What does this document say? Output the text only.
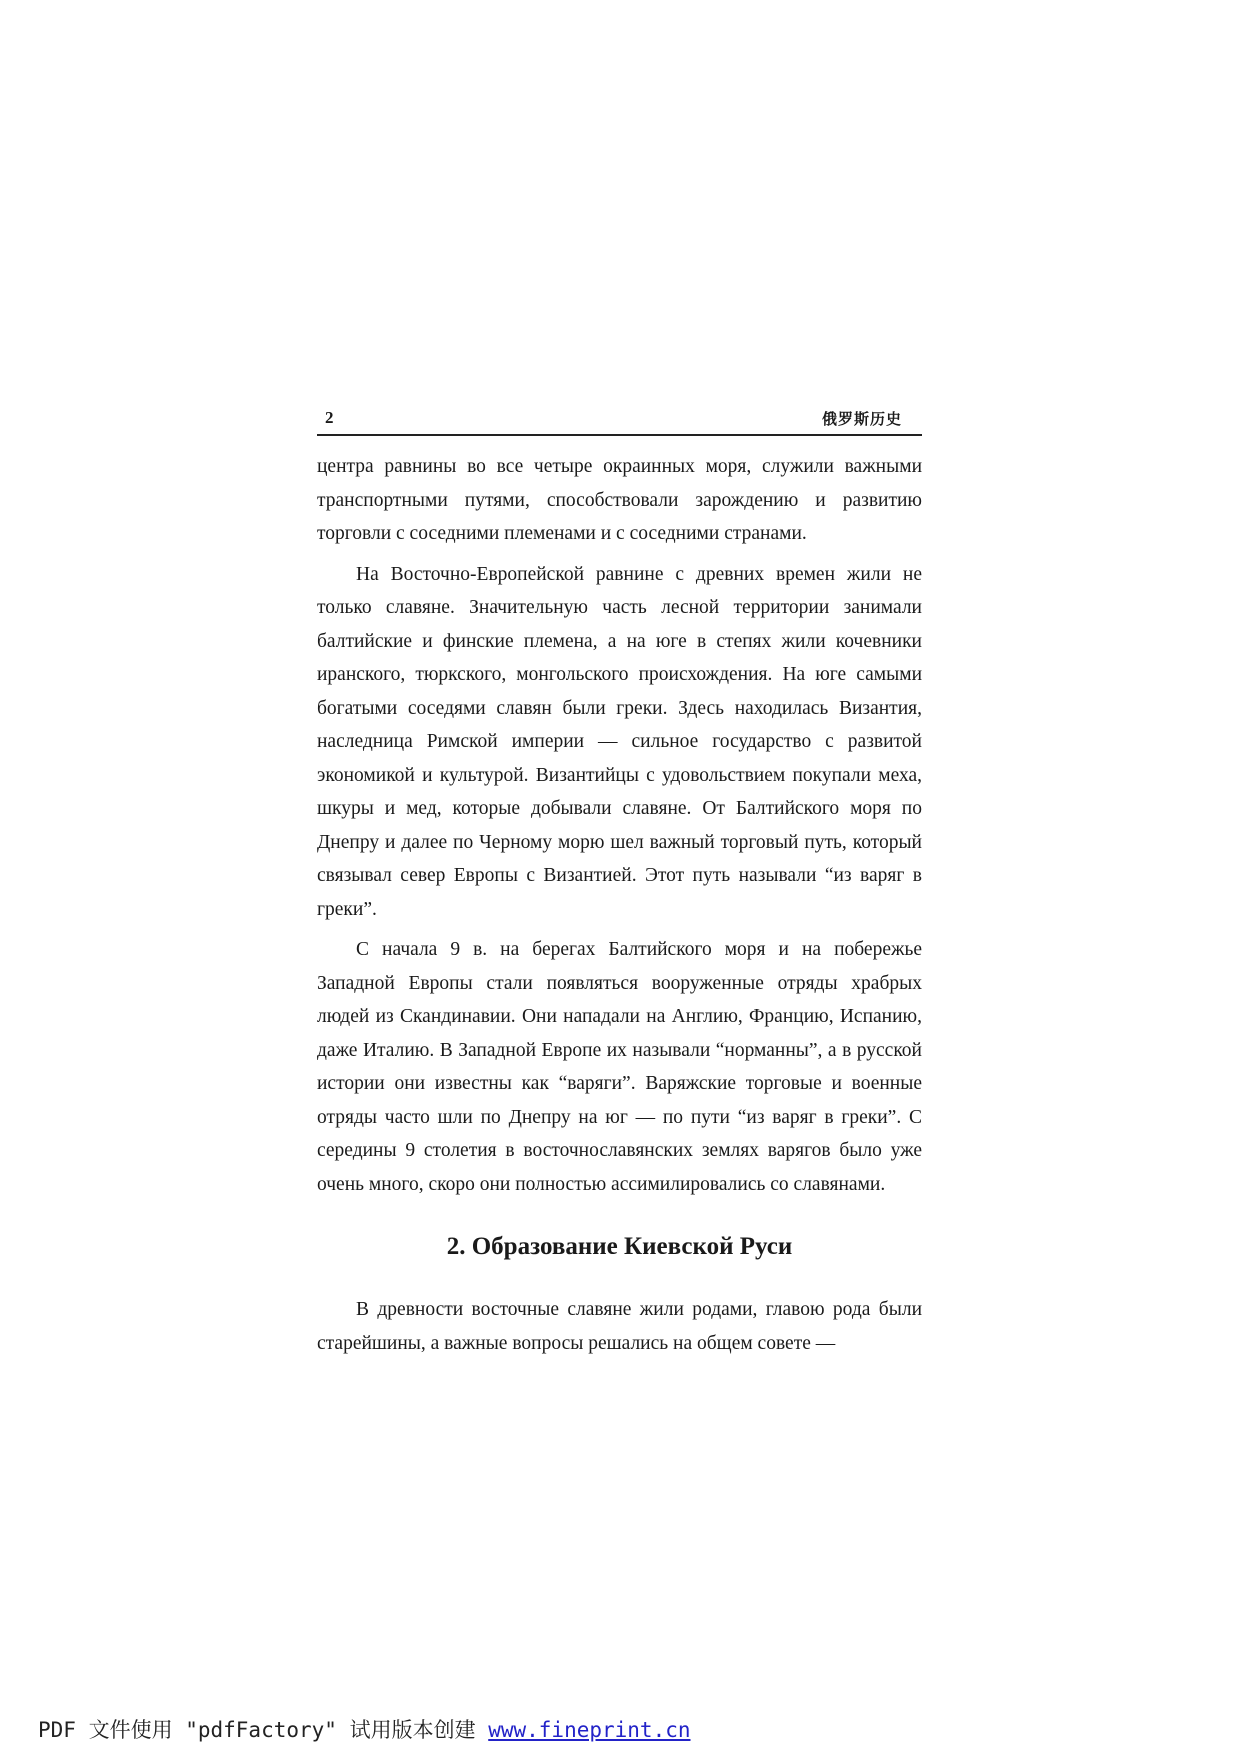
2	俄罗斯历史

центра равнины во все четыре окраинных моря, служили важными транспортными путями, способствовали зарождению и развитию торговли с соседними племенами и с соседними странами.

На Восточно-Европейской равнине с древних времен жили не только славяне. Значительную часть лесной территории занимали балтийские и финские племена, а на юге в степях жили кочевники иранского, тюркского, монгольского происхождения. На юге самыми богатыми соседями славян были греки. Здесь находилась Византия, наследница Римской империи — сильное государство с развитой экономикой и культурой. Византийцы с удовольствием покупали меха, шкуры и мед, которые добывали славяне. От Балтийского моря по Днепру и далее по Черному морю шел важный торговый путь, который связывал север Европы с Византией. Этот путь называли “из варяг в греки”.

С начала 9 в. на берегах Балтийского моря и на побережье Западной Европы стали появляться вооруженные отряды храбрых людей из Скандинавии. Они нападали на Англию, Францию, Испанию, даже Италию. В Западной Европе их называли “норманны”, а в русской истории они известны как “варяги”. Варяжские торговые и военные отряды часто шли по Днепру на юг — по пути “из варяг в греки”. С середины 9 столетия в восточнославянских землях варягов было уже очень много, скоро они полностью ассимилировались со славянами.

2. Образование Киевской Руси

В древности восточные славяне жили родами, главою рода были старейшины, а важные вопросы решались на общем совете —

PDF 文件使用 "pdfFactory" 试用版本创建 www.fineprint.cn
